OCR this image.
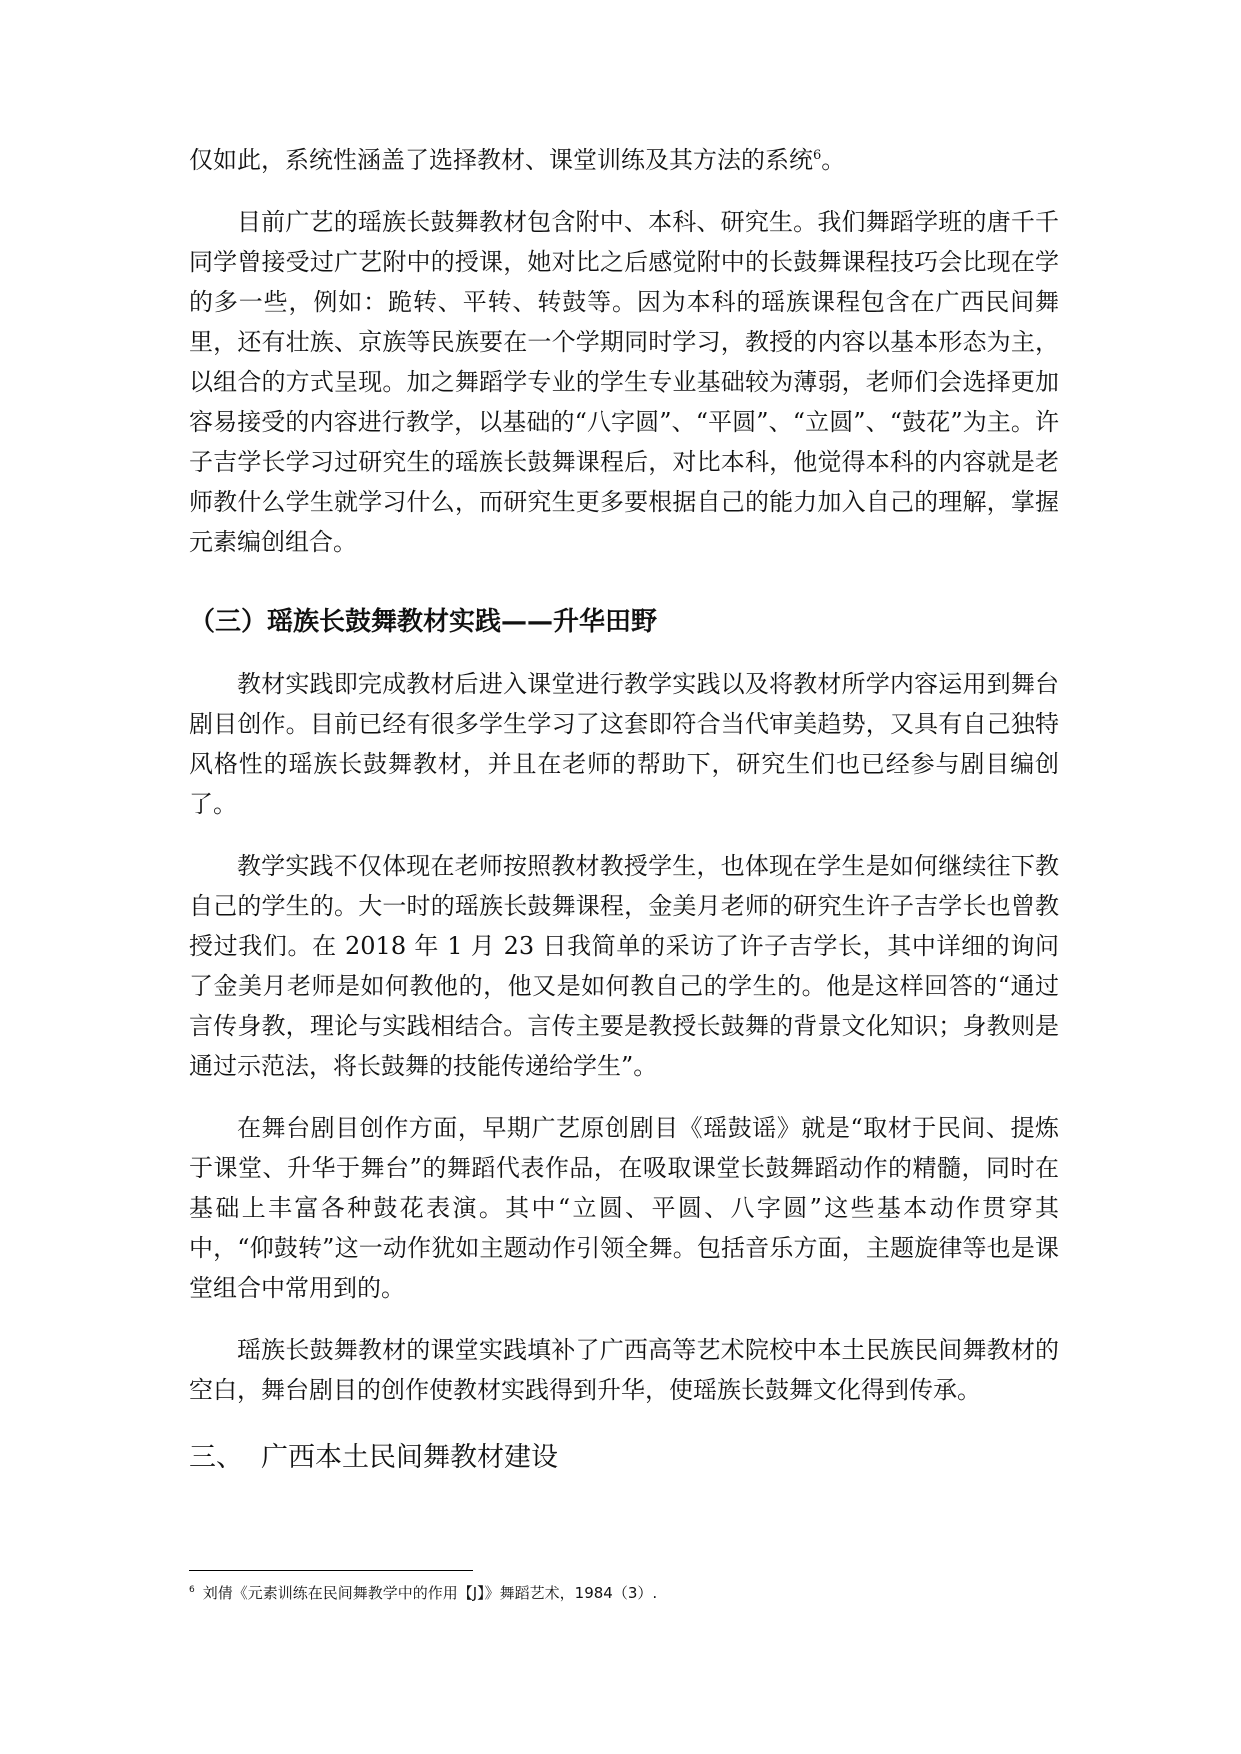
仅如此，系统性涵盖了选择教材、课堂训练及其方法的系统$^6$。

目前广艺的瑶族长鼓舞教材包含附中、本科、研究生。我们舞蹈学班的唐千千同学曾接受过广艺附中的授课，她对比之后感觉附中的长鼓舞课程技巧会比现在学的多一些，例如：跪转、平转、转鼓等。因为本科的瑶族课程包含在广西民间舞里，还有壮族、京族等民族要在一个学期同时学习，教授的内容以基本形态为主，以组合的方式呈现。加之舞蹈学专业的学生专业基础较为薄弱，老师们会选择更加容易接受的内容进行教学，以基础的“八字圆”、“平圆”、“立圆”、“鼓花”为主。许子吉学长学习过研究生的瑶族长鼓舞课程后，对比本科，他觉得本科的内容就是老师教什么学生就学习什么，而研究生更多要根据自己的能力加入自己的理解，掌握元素编创组合。

（三）瑶族长鼓舞教材实践——升华田野

教材实践即完成教材后进入课堂进行教学实践以及将教材所学内容运用到舞台剧目创作。目前已经有很多学生学习了这套即符合当代审美趋势，又具有自己独特风格性的瑶族长鼓舞教材，并且在老师的帮助下，研究生们也已经参与剧目编创了。

教学实践不仅体现在老师按照教材教授学生，也体现在学生是如何继续往下教自己的学生的。大一时的瑶族长鼓舞课程，金美月老师的研究生许子吉学长也曾教授过我们。在 2018 年 1 月 23 日我简单的采访了许子吉学长，其中详细的询问了金美月老师是如何教他的，他又是如何教自己的学生的。他是这样回答的“通过言传身教，理论与实践相结合。言传主要是教授长鼓舞的背景文化知识；身教则是通过示范法，将长鼓舞的技能传递给学生”。

在舞台剧目创作方面，早期广艺原创剧目《瑶鼓谣》就是“取材于民间、提炼于课堂、升华于舞台”的舞蹈代表作品，在吸取课堂长鼓舞蹈动作的精髓，同时在基础上丰富各种鼓花表演。其中“立圆、平圆、八字圆”这些基本动作贯穿其中，“仰鼓转”这一动作犹如主题动作引领全舞。包括音乐方面，主题旋律等也是课堂组合中常用到的。

瑶族长鼓舞教材的课堂实践填补了广西高等艺术院校中本土民族民间舞教材的空白，舞台剧目的创作使教材实践得到升华，使瑶族长鼓舞文化得到传承。

三、 广西本土民间舞教材建设
$^6$ 刘倩《元素训练在民间舞教学中的作用【J】》舞蹈艺术，1984（3）.
